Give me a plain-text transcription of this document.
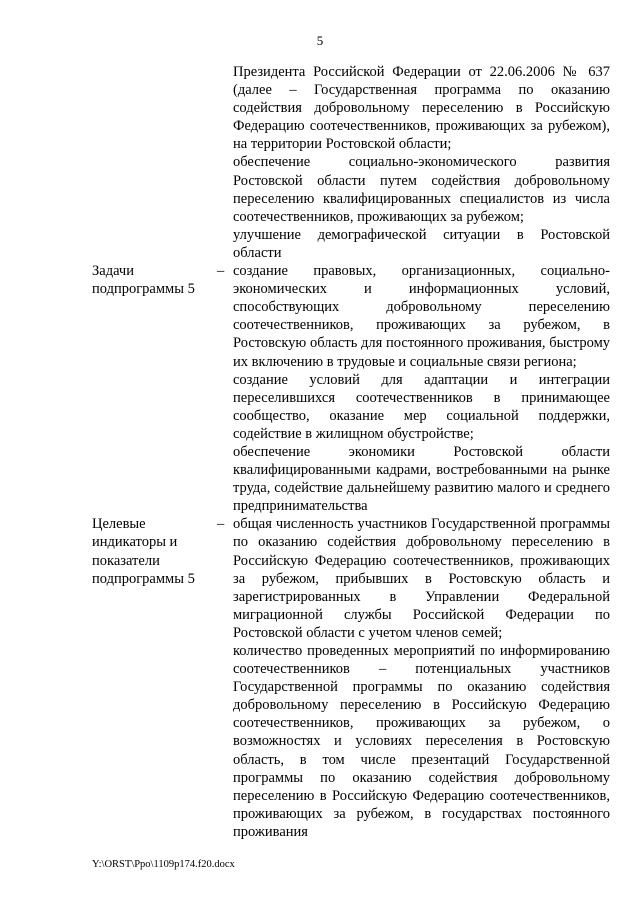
5

Президента Российской Федерации от 22.06.2006 № 637 (далее – Государственная программа по оказанию содействия добровольному переселению в Российскую Федерацию соотечественников, проживающих за рубежом), на территории Ростовской области;

обеспечение социально-экономического развития Ростовской области путем содействия добровольному переселению квалифицированных специалистов из числа соотечественников, проживающих за рубежом;

улучшение демографической ситуации в Ростовской области

Задачи подпрограммы 5
– создание правовых, организационных, социально-экономических и информационных условий, способствующих добровольному переселению соотечественников, проживающих за рубежом, в Ростовскую область для постоянного проживания, быстрому их включению в трудовые и социальные связи региона;

создание условий для адаптации и интеграции переселившихся соотечественников в принимающее сообщество, оказание мер социальной поддержки, содействие в жилищном обустройстве;

обеспечение экономики Ростовской области квалифицированными кадрами, востребованными на рынке труда, содействие дальнейшему развитию малого и среднего предпринимательства

Целевые индикаторы и показатели подпрограммы 5
– общая численность участников Государственной программы по оказанию содействия добровольному переселению в Российскую Федерацию соотечественников, проживающих за рубежом, прибывших в Ростовскую область и зарегистрированных в Управлении Федеральной миграционной службы Российской Федерации по Ростовской области с учетом членов семей;

количество проведенных мероприятий по информированию соотечественников – потенциальных участников Государственной программы по оказанию содействия добровольному переселению в Российскую Федерацию соотечественников, проживающих за рубежом, о возможностях и условиях переселения в Ростовскую область, в том числе презентаций Государственной программы по оказанию содействия добровольному переселению в Российскую Федерацию соотечественников, проживающих за рубежом, в государствах постоянного проживания

Y:\ORST\Ppo\1109p174.f20.docx
